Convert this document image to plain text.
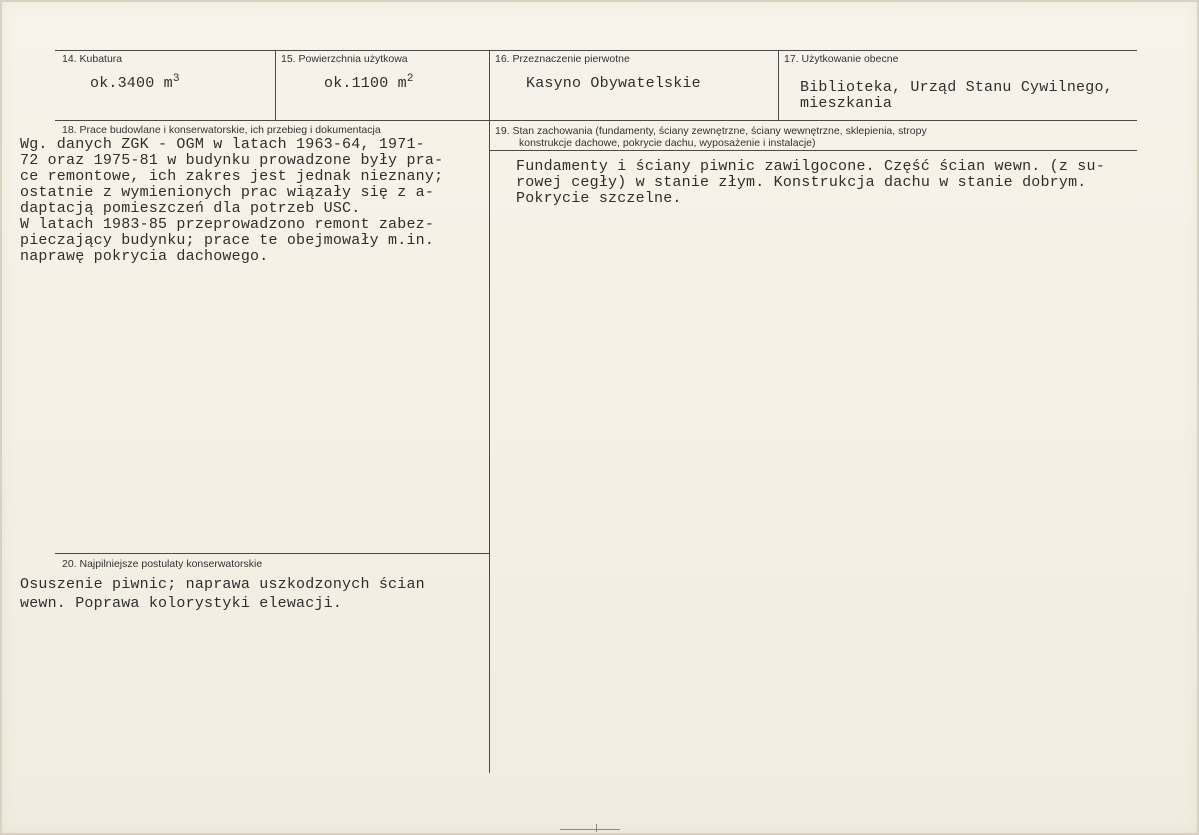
14. Kubatura
ok.3400 $m^3$
15. Powierzchnia użytkowa
ok.1100 $m^2$
16. Przeznaczenie pierwotne
Kasyno Obywatelskie
17. Użytkowanie obecne
Biblioteka, Urząd Stanu Cywilnego,
mieszkania
18. Prace budowlane i konserwatorskie, ich przebieg i dokumentacja
Wg. danych ZGK - OGM w latach 1963-64, 1971-
72 oraz 1975-81 w budynku prowadzone były pra-
ce remontowe, ich zakres jest jednak nieznany;
ostatnie z wymienionych prac wiązały się z a-
daptacją pomieszczeń dla potrzeb USC.
W latach 1983-85 przeprowadzono remont zabez-
pieczający budynku; prace te obejmowały m.in.
naprawę pokrycia dachowego.
19. Stan zachowania (fundamenty, ściany zewnętrzne, ściany wewnętrzne, sklepienia, stropy
konstrukcje dachowe, pokrycie dachu, wyposażenie i instalacje)
Fundamenty i ściany piwnic zawilgocone. Część ścian wewn. (z su-
rowej cegły) w stanie złym. Konstrukcja dachu w stanie dobrym.
Pokrycie szczelne.
20. Najpilniejsze postulaty konserwatorskie
Osuszenie piwnic; naprawa uszkodzonych ścian
wewn. Poprawa kolorystyki elewacji.
